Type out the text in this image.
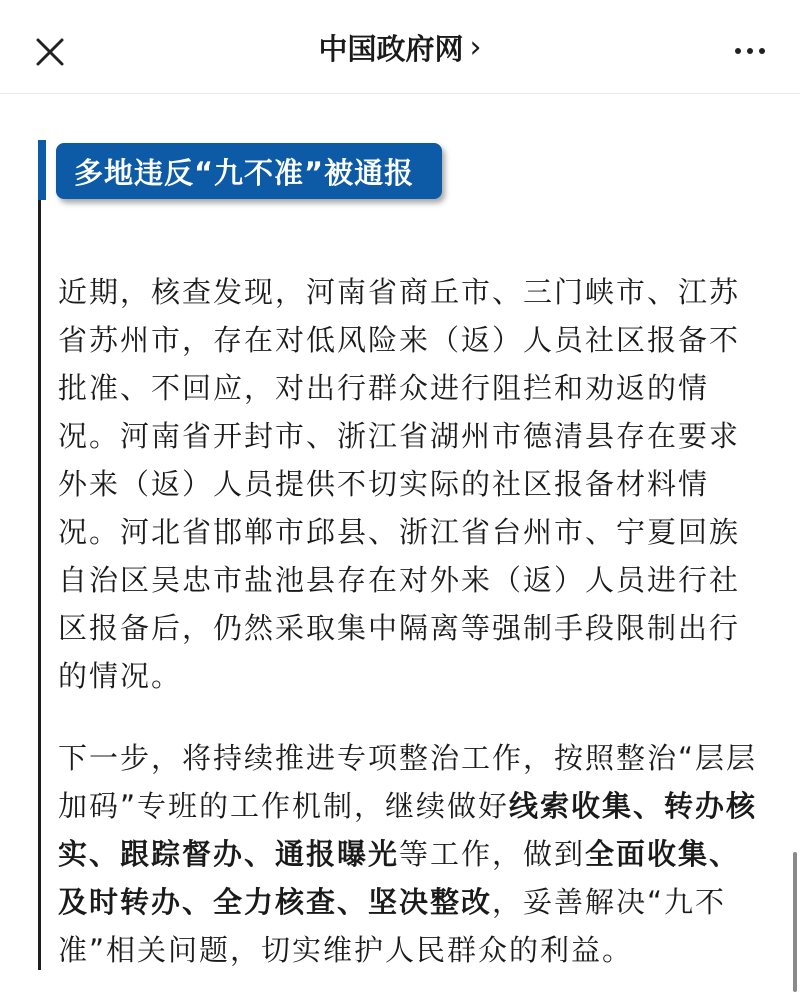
中国政府网 ›
多地违反“九不准”被通报

近期，核查发现，河南省商丘市、三门峡市、江苏省苏州市，存在对低风险来（返）人员社区报备不批准、不回应，对出行群众进行阻拦和劝返的情况。河南省开封市、浙江省湖州市德清县存在要求外来（返）人员提供不切实际的社区报备材料情况。河北省邯郸市邱县、浙江省台州市、宁夏回族自治区吴忠市盐池县存在对外来（返）人员进行社区报备后，仍然采取集中隔离等强制手段限制出行的情况。

下一步，将持续推进专项整治工作，按照整治“层层加码”专班的工作机制，继续做好线索收集、转办核实、跟踪督办、通报曝光等工作，做到全面收集、及时转办、全力核查、坚决整改，妥善解决“九不准”相关问题，切实维护人民群众的利益。
